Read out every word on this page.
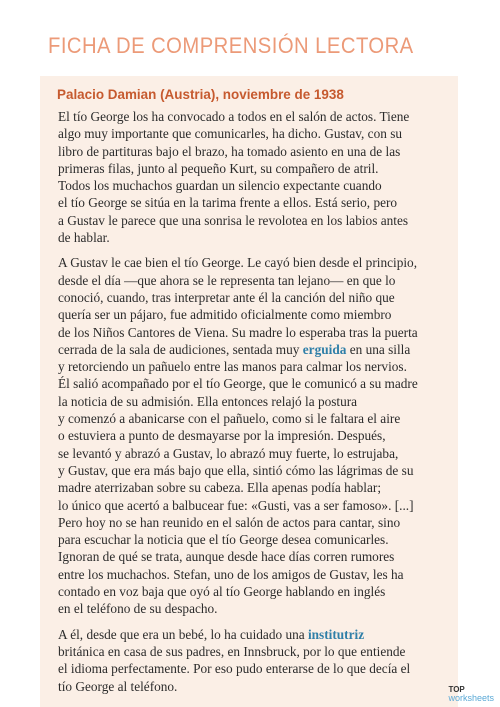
FICHA DE COMPRENSIÓN LECTORA
Palacio Damian (Austria), noviembre de 1938
El tío George los ha convocado a todos en el salón de actos. Tiene
algo muy importante que comunicarles, ha dicho. Gustav, con su
libro de partituras bajo el brazo, ha tomado asiento en una de las
primeras filas, junto al pequeño Kurt, su compañero de atril.
Todos los muchachos guardan un silencio expectante cuando
el tío George se sitúa en la tarima frente a ellos. Está serio, pero
a Gustav le parece que una sonrisa le revolotea en los labios antes
de hablar.
A Gustav le cae bien el tío George. Le cayó bien desde el principio,
desde el día —que ahora se le representa tan lejano— en que lo
conoció, cuando, tras interpretar ante él la canción del niño que
quería ser un pájaro, fue admitido oficialmente como miembro
de los Niños Cantores de Viena. Su madre lo esperaba tras la puerta
cerrada de la sala de audiciones, sentada muy erguida en una silla
y retorciendo un pañuelo entre las manos para calmar los nervios.
Él salió acompañado por el tío George, que le comunicó a su madre
la noticia de su admisión. Ella entonces relajó la postura
y comenzó a abanicarse con el pañuelo, como si le faltara el aire
o estuviera a punto de desmayarse por la impresión. Después,
se levantó y abrazó a Gustav, lo abrazó muy fuerte, lo estrujaba,
y Gustav, que era más bajo que ella, sintió cómo las lágrimas de su
madre aterrizaban sobre su cabeza. Ella apenas podía hablar;
lo único que acertó a balbucear fue: «Gusti, vas a ser famoso». [...]
Pero hoy no se han reunido en el salón de actos para cantar, sino
para escuchar la noticia que el tío George desea comunicarles.
Ignoran de qué se trata, aunque desde hace días corren rumores
entre los muchachos. Stefan, uno de los amigos de Gustav, les ha
contado en voz baja que oyó al tío George hablando en inglés
en el teléfono de su despacho.
A él, desde que era un bebé, lo ha cuidado una institutriz
británica en casa de sus padres, en Innsbruck, por lo que entiende
el idioma perfectamente. Por eso pudo enterarse de lo que decía el
tío George al teléfono.	TOP
worksheets
